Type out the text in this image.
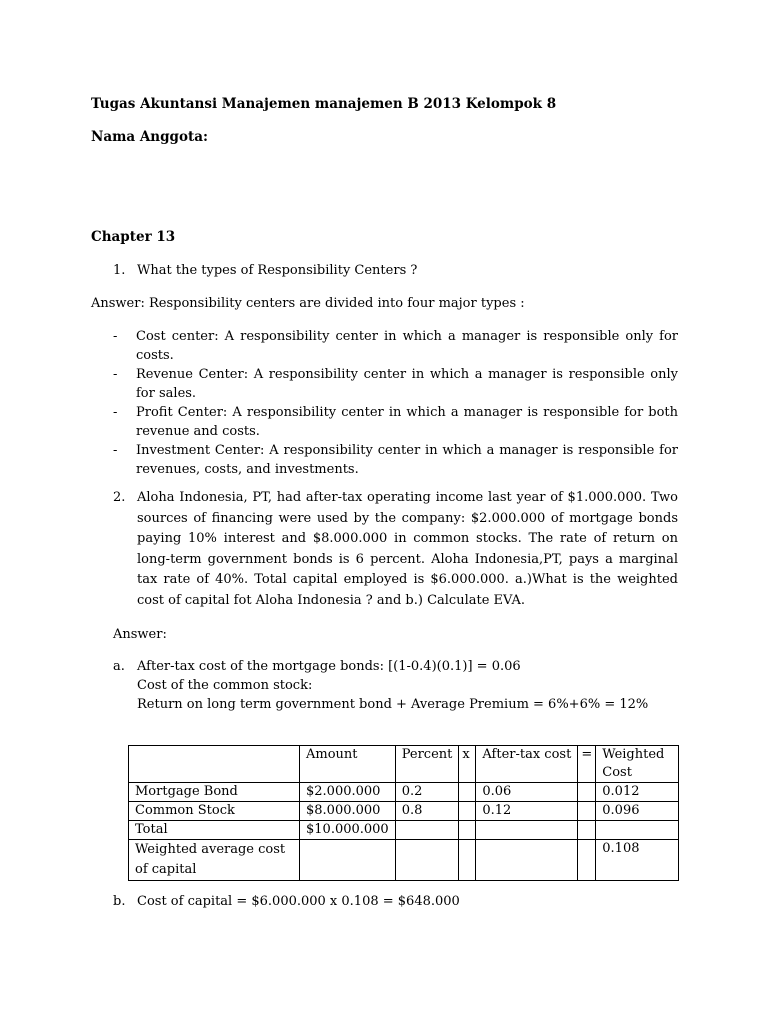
Tugas Akuntansi Manajemen manajemen B 2013 Kelompok 8

Nama Anggota:

Chapter 13

1. What the types of Responsibility Centers ?

Answer: Responsibility centers are divided into four major types :

- Cost center: A responsibility center in which a manager is responsible only for costs.
- Revenue Center: A responsibility center in which a manager is responsible only for sales.
- Profit Center: A responsibility center in which a manager is responsible for both revenue and costs.
- Investment Center: A responsibility center in which a manager is responsible for revenues, costs, and investments.
2. Aloha Indonesia, PT, had after-tax operating income last year of $1.000.000. Two sources of financing were used by the company: $2.000.000 of mortgage bonds paying 10% interest and $8.000.000 in common stocks. The rate of return on long-term government bonds is 6 percent. Aloha Indonesia,PT, pays a marginal tax rate of 40%. Total capital employed is $6.000.000. a.)What is the weighted cost of capital fot Aloha Indonesia ? and b.) Calculate EVA.

Answer:

a. After-tax cost of the mortgage bonds: [(1-0.4)(0.1)] = 0.06
Cost of the common stock:
Return on long term government bond + Average Premium = 6%+6% = 12%
	Amount	Percent	x	After-tax cost	=	Weighted Cost
Mortgage Bond	$2.000.000	0.2		0.06		0.012
Common Stock	$8.000.000	0.8		0.12		0.096
Total	$10.000.000					
Weighted average cost of capital						0.108
b. Cost of capital = $6.000.000 x 0.108 = $648.000
